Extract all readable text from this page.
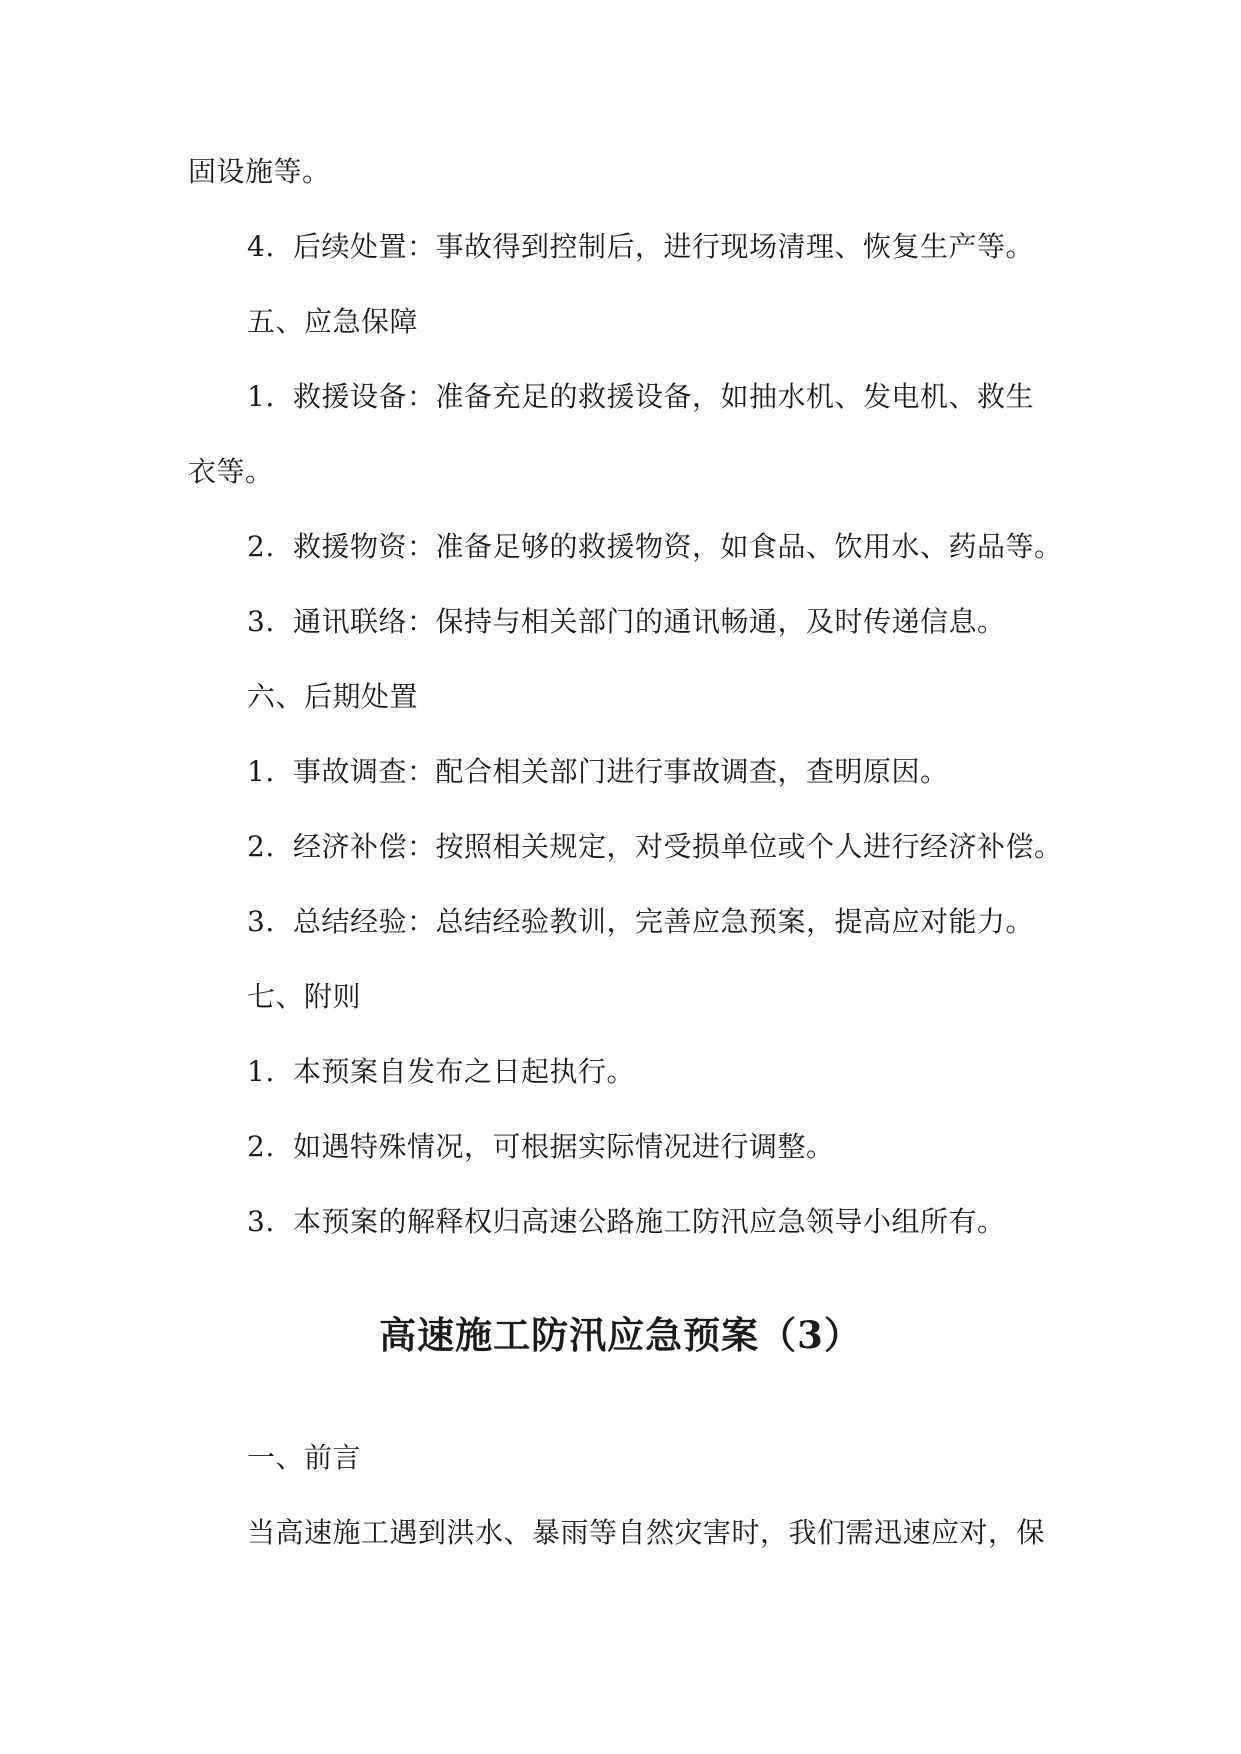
固设施等。
4. 后续处置：事故得到控制后，进行现场清理、恢复生产等。
五、应急保障
1. 救援设备：准备充足的救援设备，如抽水机、发电机、救生
衣等。
2. 救援物资：准备足够的救援物资，如食品、饮用水、药品等。
3. 通讯联络：保持与相关部门的通讯畅通，及时传递信息。
六、后期处置
1. 事故调查：配合相关部门进行事故调查，查明原因。
2. 经济补偿：按照相关规定，对受损单位或个人进行经济补偿。
3. 总结经验：总结经验教训，完善应急预案，提高应对能力。
七、附则
1. 本预案自发布之日起执行。
2. 如遇特殊情况，可根据实际情况进行调整。
3. 本预案的解释权归高速公路施工防汛应急领导小组所有。
高速施工防汛应急预案（3）
一、前言
当高速施工遇到洪水、暴雨等自然灾害时，我们需迅速应对，保
